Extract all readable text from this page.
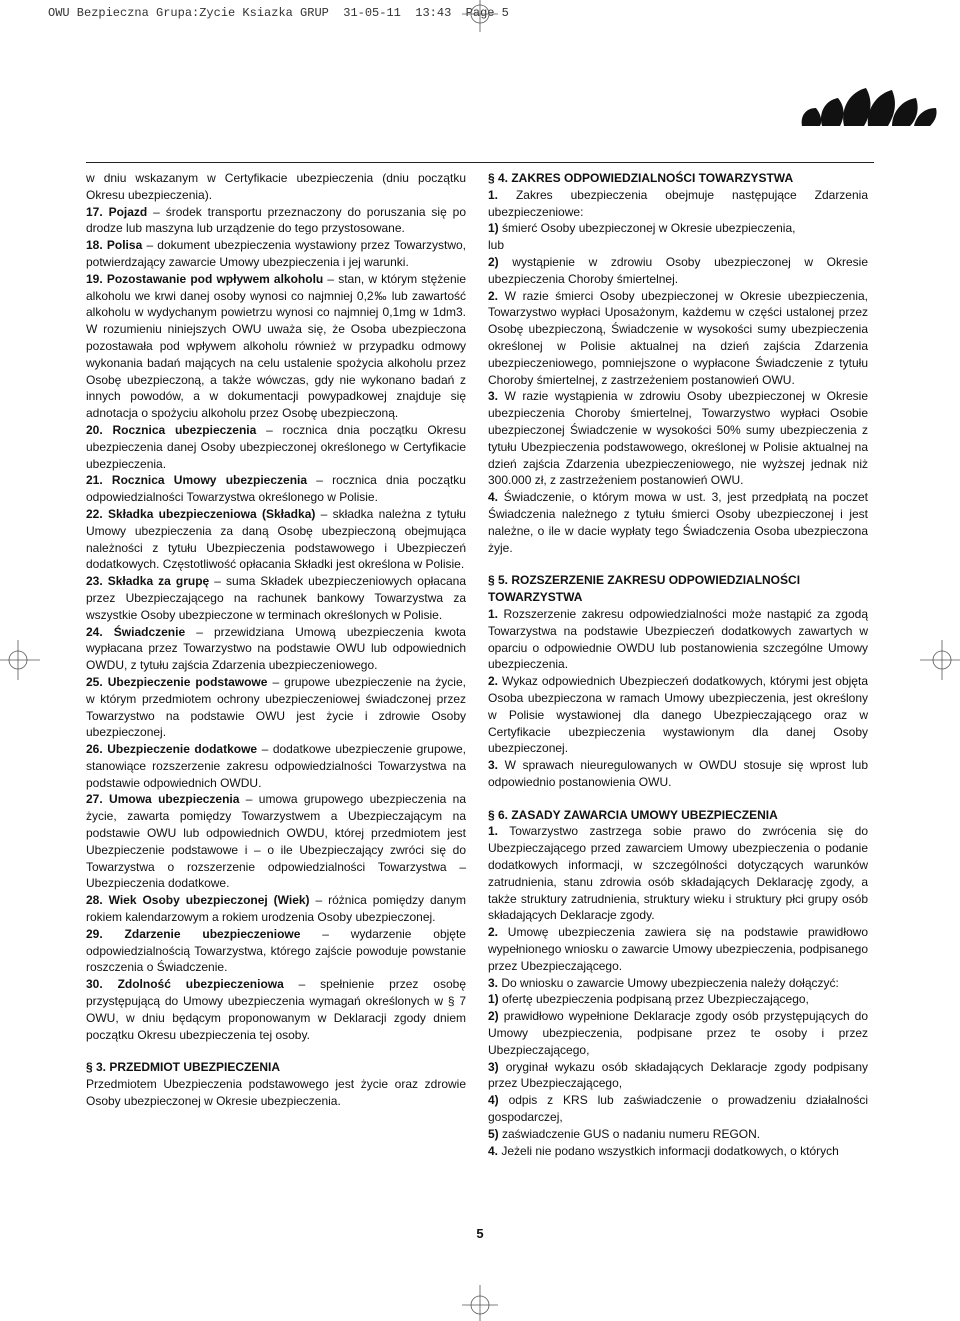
OWU Bezpieczna Grupa:Zycie Ksiazka GRUP  31-05-11  13:43  Page 5

w dniu wskazanym w Certyfikacie ubezpieczenia (dniu początku Okresu ubezpieczenia).

17. Pojazd – środek transportu przeznaczony do poruszania się po drodze lub maszyna lub urządzenie do tego przystosowane.

18. Polisa – dokument ubezpieczenia wystawiony przez Towarzystwo, potwierdzający zawarcie Umowy ubezpieczenia i jej warunki.

19. Pozostawanie pod wpływem alkoholu – stan, w którym stężenie alkoholu we krwi danej osoby wynosi co najmniej 0,2‰ lub zawartość alkoholu w wydychanym powietrzu wynosi co najmniej 0,1mg w 1dm3. W rozumieniu niniejszych OWU uważa się, że Osoba ubezpieczona pozostawała pod wpływem alkoholu również w przypadku odmowy wykonania badań mających na celu ustalenie spożycia alkoholu przez Osobę ubezpieczoną, a także wówczas, gdy nie wykonano badań z innych powodów, a w dokumentacji powypadkowej znajduje się adnotacja o spożyciu alkoholu przez Osobę ubezpieczoną.

20. Rocznica ubezpieczenia – rocznica dnia początku Okresu ubezpieczenia danej Osoby ubezpieczonej określonego w Certyfikacie ubezpieczenia.

21. Rocznica Umowy ubezpieczenia – rocznica dnia początku odpowiedzialności Towarzystwa określonego w Polisie.

22. Składka ubezpieczeniowa (Składka) – składka należna z tytułu Umowy ubezpieczenia za daną Osobę ubezpieczoną obejmująca należności z tytułu Ubezpieczenia podstawowego i Ubezpieczeń dodatkowych. Częstotliwość opłacania Składki jest określona w Polisie.

23. Składka za grupę – suma Składek ubezpieczeniowych opłacana przez Ubezpieczającego na rachunek bankowy Towarzystwa za wszystkie Osoby ubezpieczone w terminach określonych w Polisie.

24. Świadczenie – przewidziana Umową ubezpieczenia kwota wypłacana przez Towarzystwo na podstawie OWU lub odpowiednich OWDU, z tytułu zajścia Zdarzenia ubezpieczeniowego.

25. Ubezpieczenie podstawowe – grupowe ubezpieczenie na życie, w którym przedmiotem ochrony ubezpieczeniowej świadczonej przez Towarzystwo na podstawie OWU jest życie i zdrowie Osoby ubezpieczonej.

26. Ubezpieczenie dodatkowe – dodatkowe ubezpieczenie grupowe, stanowiące rozszerzenie zakresu odpowiedzialności Towarzystwa na podstawie odpowiednich OWDU.

27. Umowa ubezpieczenia – umowa grupowego ubezpieczenia na życie, zawarta pomiędzy Towarzystwem a Ubezpieczającym na podstawie OWU lub odpowiednich OWDU, której przedmiotem jest Ubezpieczenie podstawowe i – o ile Ubezpieczający zwróci się do Towarzystwa o rozszerzenie odpowiedzialności Towarzystwa – Ubezpieczenia dodatkowe.

28. Wiek Osoby ubezpieczonej (Wiek) – różnica pomiędzy danym rokiem kalendarzowym a rokiem urodzenia Osoby ubezpieczonej.

29. Zdarzenie ubezpieczeniowe – wydarzenie objęte odpowiedzialnością Towarzystwa, którego zajście powoduje powstanie roszczenia o Świadczenie.

30. Zdolność ubezpieczeniowa – spełnienie przez osobę przystępującą do Umowy ubezpieczenia wymagań określonych w § 7 OWU, w dniu będącym proponowanym w Deklaracji zgody dniem początku Okresu ubezpieczenia tej osoby.

§ 3. PRZEDMIOT UBEZPIECZENIA

Przedmiotem Ubezpieczenia podstawowego jest życie oraz zdrowie Osoby ubezpieczonej w Okresie ubezpieczenia.

§ 4. ZAKRES ODPOWIEDZIALNOŚCI TOWARZYSTWA

1. Zakres ubezpieczenia obejmuje następujące Zdarzenia ubezpieczeniowe:

1) śmierć Osoby ubezpieczonej w Okresie ubezpieczenia,

lub

2) wystąpienie w zdrowiu Osoby ubezpieczonej w Okresie ubezpieczenia Choroby śmiertelnej.

2. W razie śmierci Osoby ubezpieczonej w Okresie ubezpieczenia, Towarzystwo wypłaci Uposażonym, każdemu w części ustalonej przez Osobę ubezpieczoną, Świadczenie w wysokości sumy ubezpieczenia określonej w Polisie aktualnej na dzień zajścia Zdarzenia ubezpieczeniowego, pomniejszone o wypłacone Świadczenie z tytułu Choroby śmiertelnej, z zastrzeżeniem postanowień OWU.

3. W razie wystąpienia w zdrowiu Osoby ubezpieczonej w Okresie ubezpieczenia Choroby śmiertelnej, Towarzystwo wypłaci Osobie ubezpieczonej Świadczenie w wysokości 50% sumy ubezpieczenia z tytułu Ubezpieczenia podstawowego, określonej w Polisie aktualnej na dzień zajścia Zdarzenia ubezpieczeniowego, nie wyższej jednak niż 300.000 zł, z zastrzeżeniem postanowień OWU.

4. Świadczenie, o którym mowa w ust. 3, jest przedpłatą na poczet Świadczenia należnego z tytułu śmierci Osoby ubezpieczonej i jest należne, o ile w dacie wypłaty tego Świadczenia Osoba ubezpieczona żyje.

§ 5. ROZSZERZENIE ZAKRESU ODPOWIEDZIALNOŚCI TOWARZYSTWA

1. Rozszerzenie zakresu odpowiedzialności może nastąpić za zgodą Towarzystwa na podstawie Ubezpieczeń dodatkowych zawartych w oparciu o odpowiednie OWDU lub postanowienia szczególne Umowy ubezpieczenia.

2. Wykaz odpowiednich Ubezpieczeń dodatkowych, którymi jest objęta Osoba ubezpieczona w ramach Umowy ubezpieczenia, jest określony w Polisie wystawionej dla danego Ubezpieczającego oraz w Certyfikacie ubezpieczenia wystawionym dla danej Osoby ubezpieczonej.

3. W sprawach nieuregulowanych w OWDU stosuje się wprost lub odpowiednio postanowienia OWU.

§ 6. ZASADY ZAWARCIA UMOWY UBEZPIECZENIA

1. Towarzystwo zastrzega sobie prawo do zwrócenia się do Ubezpieczającego przed zawarciem Umowy ubezpieczenia o podanie dodatkowych informacji, w szczególności dotyczących warunków zatrudnienia, stanu zdrowia osób składających Deklarację zgody, a także struktury zatrudnienia, struktury wieku i struktury płci grupy osób składających Deklaracje zgody.

2. Umowę ubezpieczenia zawiera się na podstawie prawidłowo wypełnionego wniosku o zawarcie Umowy ubezpieczenia, podpisanego przez Ubezpieczającego.

3. Do wniosku o zawarcie Umowy ubezpieczenia należy dołączyć:

1) ofertę ubezpieczenia podpisaną przez Ubezpieczającego,

2) prawidłowo wypełnione Deklaracje zgody osób przystępujących do Umowy ubezpieczenia, podpisane przez te osoby i przez Ubezpieczającego,

3) oryginał wykazu osób składających Deklaracje zgody podpisany przez Ubezpieczającego,

4) odpis z KRS lub zaświadczenie o prowadzeniu działalności gospodarczej,

5) zaświadczenie GUS o nadaniu numeru REGON.

4. Jeżeli nie podano wszystkich informacji dodatkowych, o których

5
